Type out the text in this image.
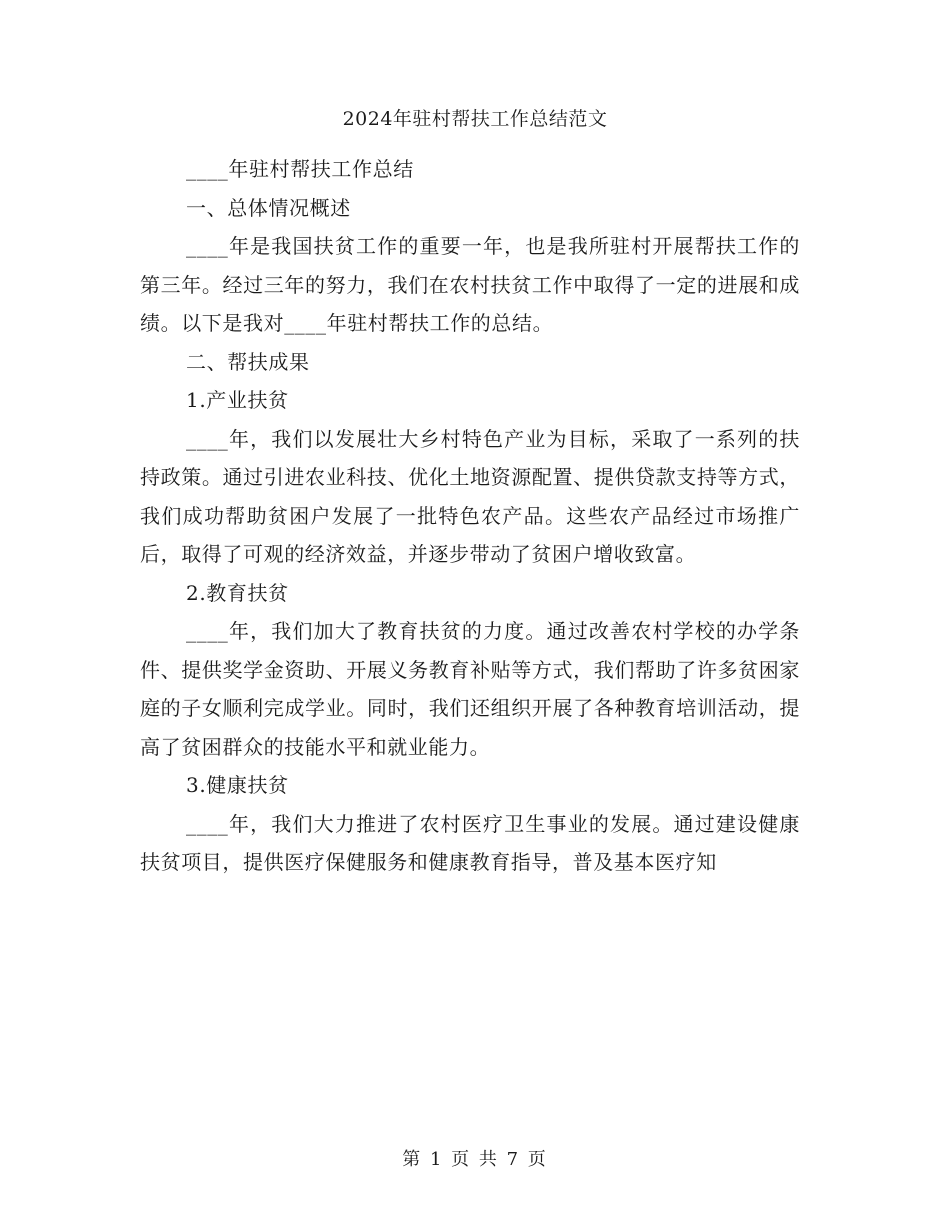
2024年驻村帮扶工作总结范文

____年驻村帮扶工作总结

一、总体情况概述

____年是我国扶贫工作的重要一年，也是我所驻村开展帮扶工作的第三年。经过三年的努力，我们在农村扶贫工作中取得了一定的进展和成绩。以下是我对____年驻村帮扶工作的总结。

二、帮扶成果

1.产业扶贫

____年，我们以发展壮大乡村特色产业为目标，采取了一系列的扶持政策。通过引进农业科技、优化土地资源配置、提供贷款支持等方式，我们成功帮助贫困户发展了一批特色农产品。这些农产品经过市场推广后，取得了可观的经济效益，并逐步带动了贫困户增收致富。

2.教育扶贫

____年，我们加大了教育扶贫的力度。通过改善农村学校的办学条件、提供奖学金资助、开展义务教育补贴等方式，我们帮助了许多贫困家庭的子女顺利完成学业。同时，我们还组织开展了各种教育培训活动，提高了贫困群众的技能水平和就业能力。

3.健康扶贫

____年，我们大力推进了农村医疗卫生事业的发展。通过建设健康扶贫项目，提供医疗保健服务和健康教育指导，普及基本医疗知

第 1 页 共 7 页
